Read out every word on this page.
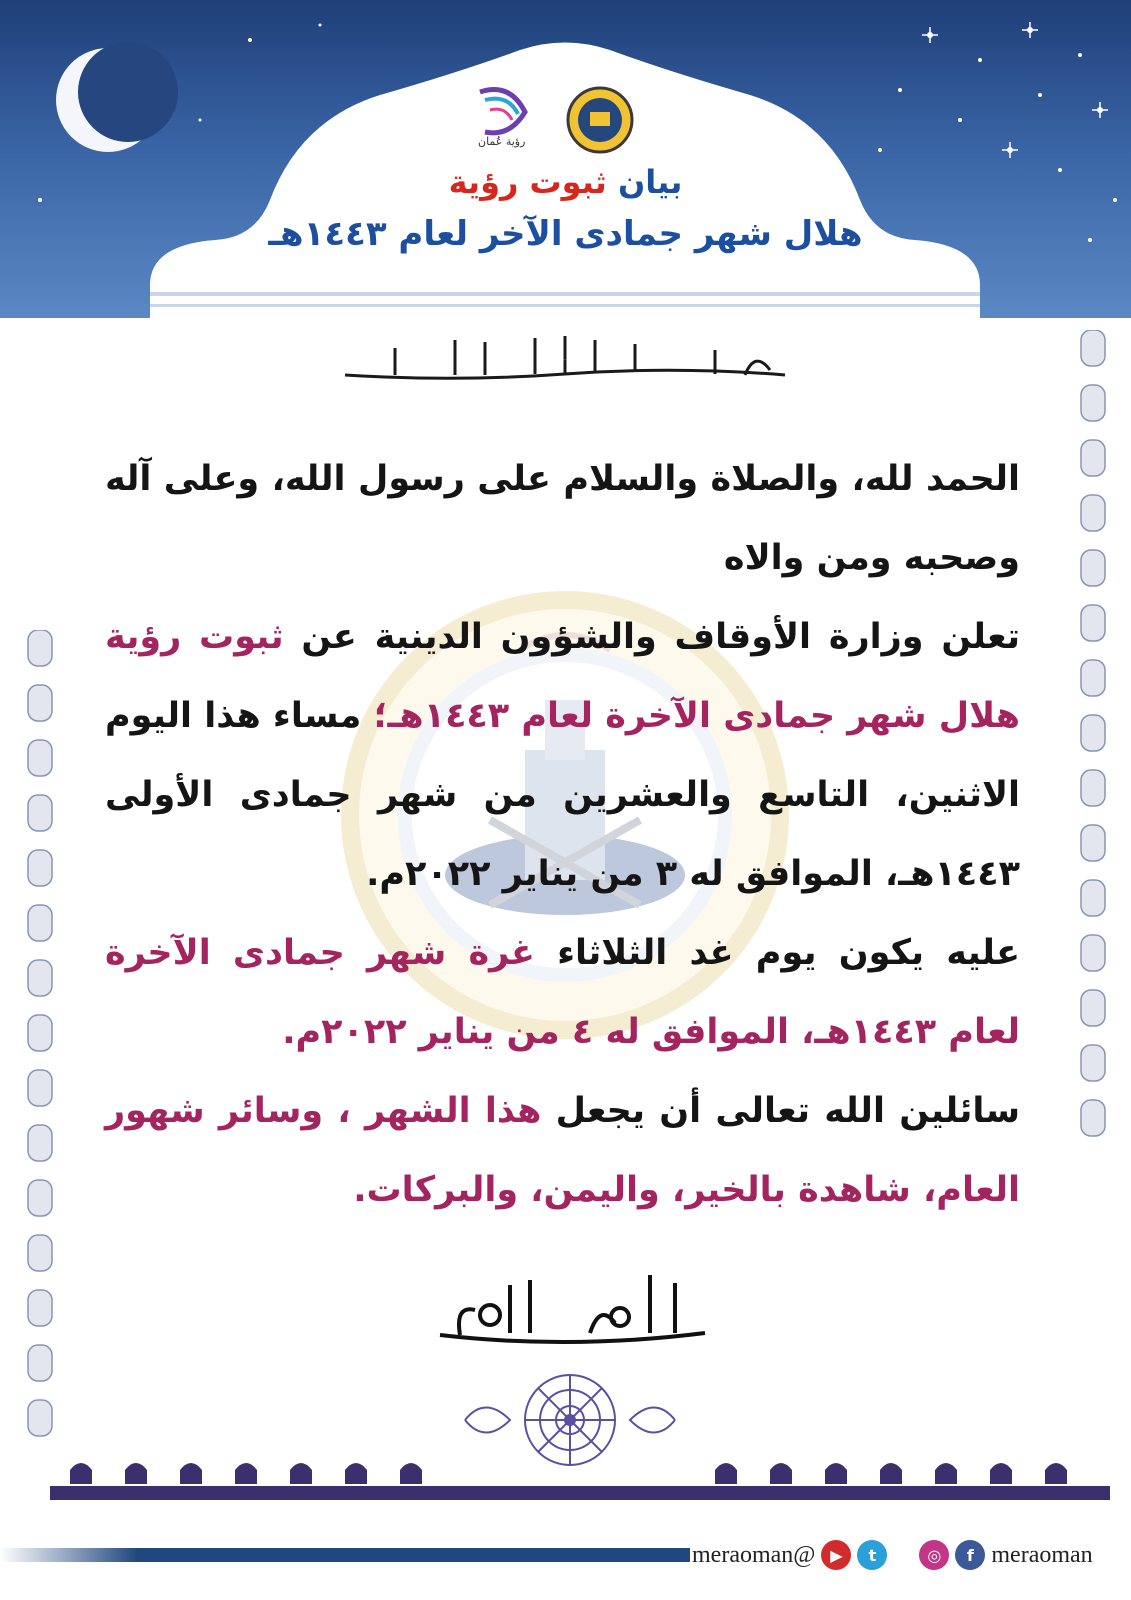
رؤية عُمان
بيان ثبوت رؤية
هلال شهر جمادى الآخر لعام ١٤٤٣هـ
بسم الله الرحمن الرحيم

الحمد لله، والصلاة والسلام على رسول الله، وعلى آله وصحبه ومن والاه

تعلن وزارة الأوقاف والشؤون الدينية عن ثبوت رؤية هلال شهر جمادى الآخرة لعام ١٤٤٣هـ؛ مساء هذا اليوم الاثنين، التاسع والعشرين من شهر جمادى الأولى ١٤٤٣هـ، الموافق له ٣ من يناير ٢٠٢٢م.

عليه يكون يوم غد الثلاثاء غرة شهر جمادى الآخرة لعام ١٤٤٣هـ، الموافق له ٤ من يناير ٢٠٢٢م.

سائلين الله تعالى أن يجعل هذا الشهر ، وسائر شهور العام، شاهدة بالخير، واليمن، والبركات.

والله ولي التوفيق
meraoman@ ▶	t	◎	f meraoman
